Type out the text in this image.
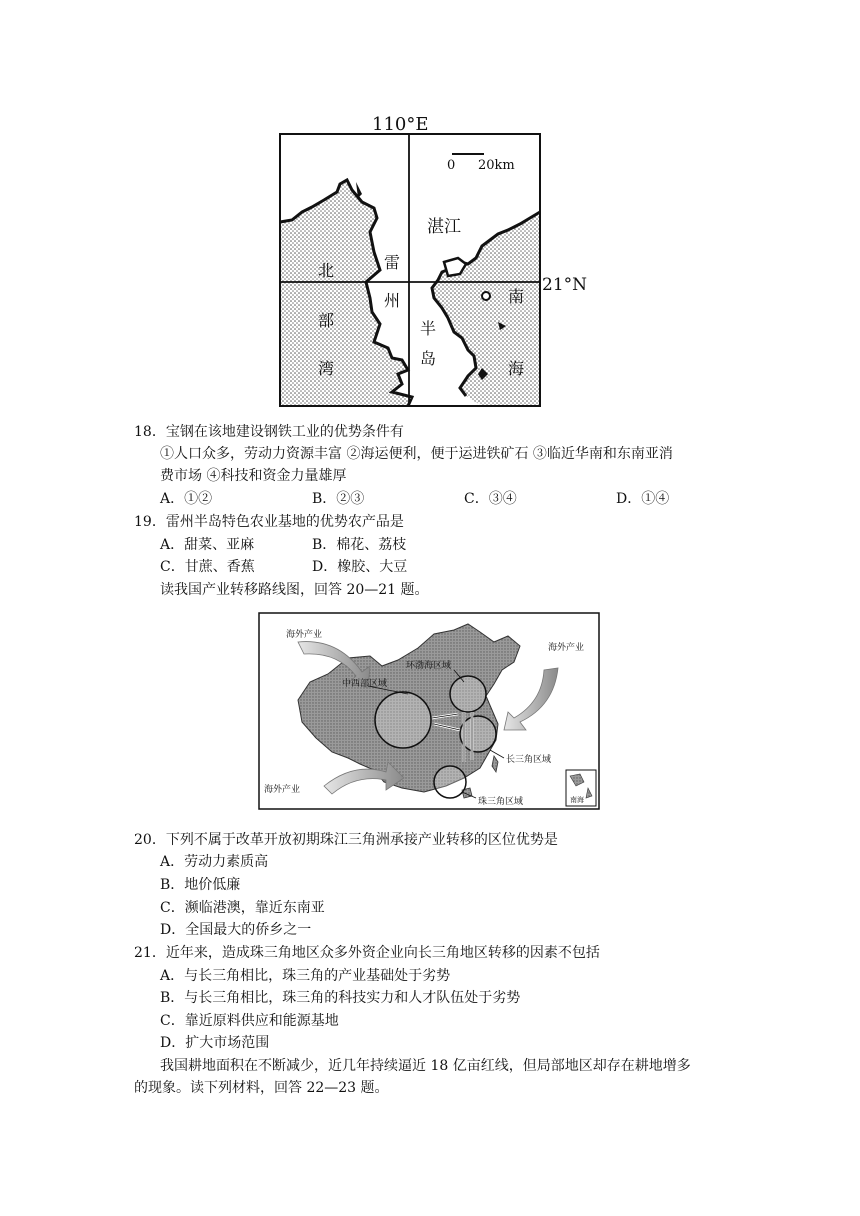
110°E
21°N
0 20km
湛江
北
部
湾
雷
州
半
岛
南
海
18．宝钢在该地建设钢铁工业的优势条件有
①人口众多，劳动力资源丰富 ②海运便利，便于运进铁矿石 ③临近华南和东南亚消
费市场 ④科技和资金力量雄厚
A．①②	B．②③	C．③④	D．①④
19．雷州半岛特色农业基地的优势农产品是
A．甜菜、亚麻	B．棉花、荔枝
C．甘蔗、香蕉	D．橡胶、大豆
读我国产业转移路线图，回答 20—21 题。
海外产业
海外产业
海外产业
环渤海区域
中西部区域
长三角区域
珠三角区域	南海
20．下列不属于改革开放初期珠江三角洲承接产业转移的区位优势是
A．劳动力素质高
B．地价低廉
C．濒临港澳，靠近东南亚
D．全国最大的侨乡之一
21．近年来，造成珠三角地区众多外资企业向长三角地区转移的因素不包括
A．与长三角相比，珠三角的产业基础处于劣势
B．与长三角相比，珠三角的科技实力和人才队伍处于劣势
C．靠近原料供应和能源基地
D．扩大市场范围
我国耕地面积在不断减少，近几年持续逼近 18 亿亩红线，但局部地区却存在耕地增多
的现象。读下列材料，回答 22—23 题。
